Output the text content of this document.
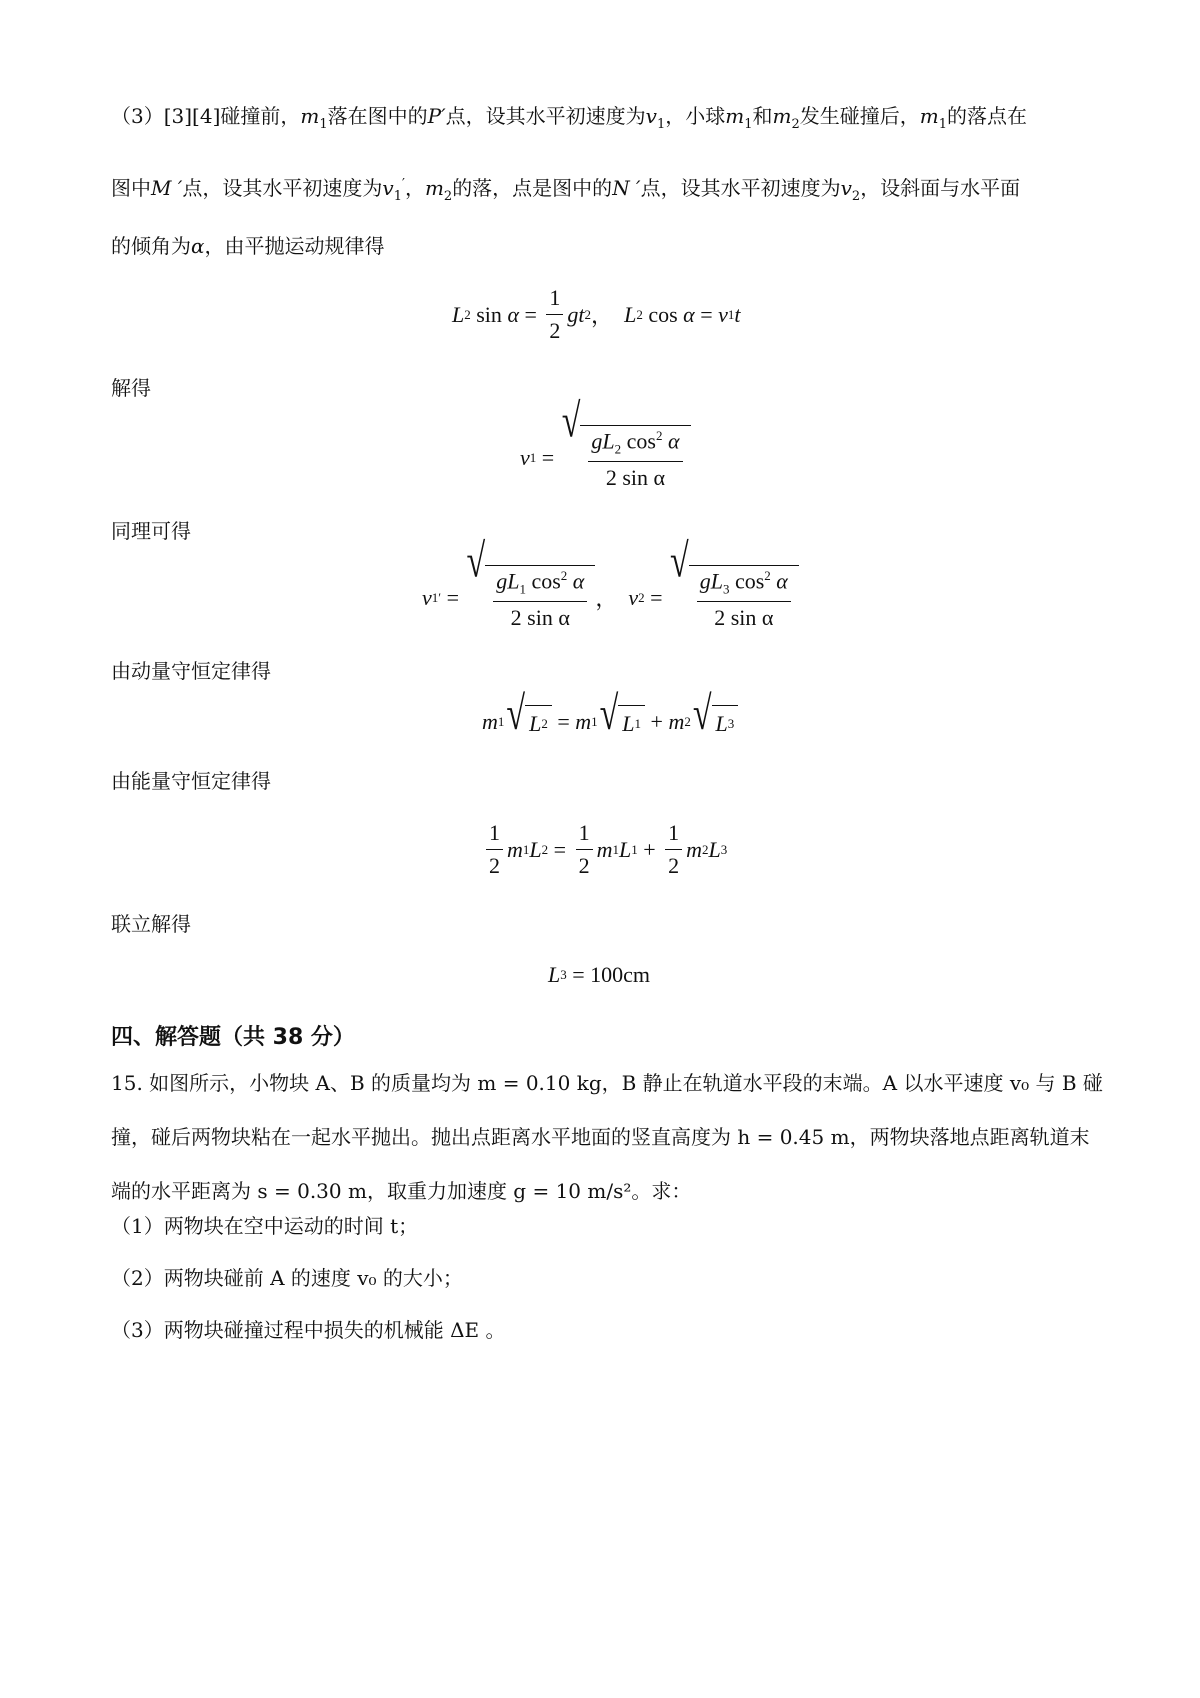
（3）[3][4]碰撞前，$m_1$落在图中的P′点，设其水平初速度为$v_1$，小球$m_1$和$m_2$发生碰撞后，$m_1$的落点在
图中M ′点，设其水平初速度为$v_1'$，$m_2$的落，点是图中的N ′点，设其水平初速度为$v_2$，设斜面与水平面
的倾角为α，由平抛运动规律得
L 2 $\sin \alpha = \frac{1}{2}$ gt 2 ，
L 2 cos α = v 1 t
解得
v 1 =
√
$\frac{gL_2 \cos^2 \alpha}{\text{2 sin α}}$
同理可得
v 1 ′ =
√
$\frac{gL_1 \cos^2 \alpha}{\text{2 sin α}}$ ，
v 2 =
√
$\frac{gL_3 \cos^2 \alpha}{\text{2 sin α}}$
由动量守恒定律得
m 1 √ L 2 = m 1 √ L 1 + m 2 √ L 3
由能量守恒定律得
$\frac{1}{2}$ m 1 L $2 = \frac{1}{2}$ m 1 L $1 + \frac{1}{2}$ m 2 L 3
联立解得
L 3 = 100cm
四、解答题（共 38 分）

15. 如图所示，小物块 A、B 的质量均为 m = 0.10 kg，B 静止在轨道水平段的末端。A 以水平速度 v₀ 与 B 碰撞，碰后两物块粘在一起水平抛出。抛出点距离水平地面的竖直高度为 h = 0.45 m，两物块落地点距离轨道末端的水平距离为 s = 0.30 m，取重力加速度 g = 10 m/s²。求：

（1）两物块在空中运动的时间 t；
（2）两物块碰前 A 的速度 v₀ 的大小；
（3）两物块碰撞过程中损失的机械能 ΔE 。
